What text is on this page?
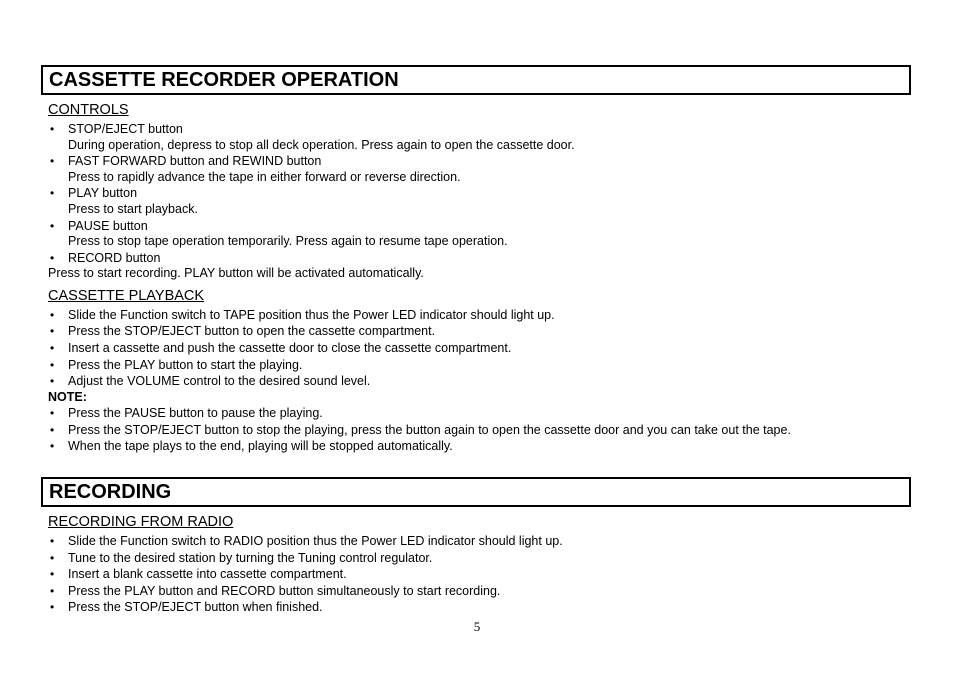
CASSETTE RECORDER OPERATION
CONTROLS
• STOP/EJECT button
During operation, depress to stop all deck operation. Press again to open the cassette door.
• FAST FORWARD button and REWIND button
Press to rapidly advance the tape in either forward or reverse direction.
• PLAY button
Press to start playback.
• PAUSE button
Press to stop tape operation temporarily. Press again to resume tape operation.
• RECORD button
Press to start recording. PLAY button will be activated automatically.
CASSETTE PLAYBACK
• Slide the Function switch to TAPE position thus the Power LED indicator should light up.
• Press the STOP/EJECT button to open the cassette compartment.
• Insert a cassette and push the cassette door to close the cassette compartment.
• Press the PLAY button to start the playing.
• Adjust the VOLUME control to the desired sound level.
NOTE:
• Press the PAUSE button to pause the playing.
• Press the STOP/EJECT button to stop the playing, press the button again to open the cassette door and you can take out the tape.
• When the tape plays to the end, playing will be stopped automatically.
RECORDING
RECORDING FROM RADIO
• Slide the Function switch to RADIO position thus the Power LED indicator should light up.
• Tune to the desired station by turning the Tuning control regulator.
• Insert a blank cassette into cassette compartment.
• Press the PLAY button and RECORD button simultaneously to start recording.
• Press the STOP/EJECT button when finished.
5
